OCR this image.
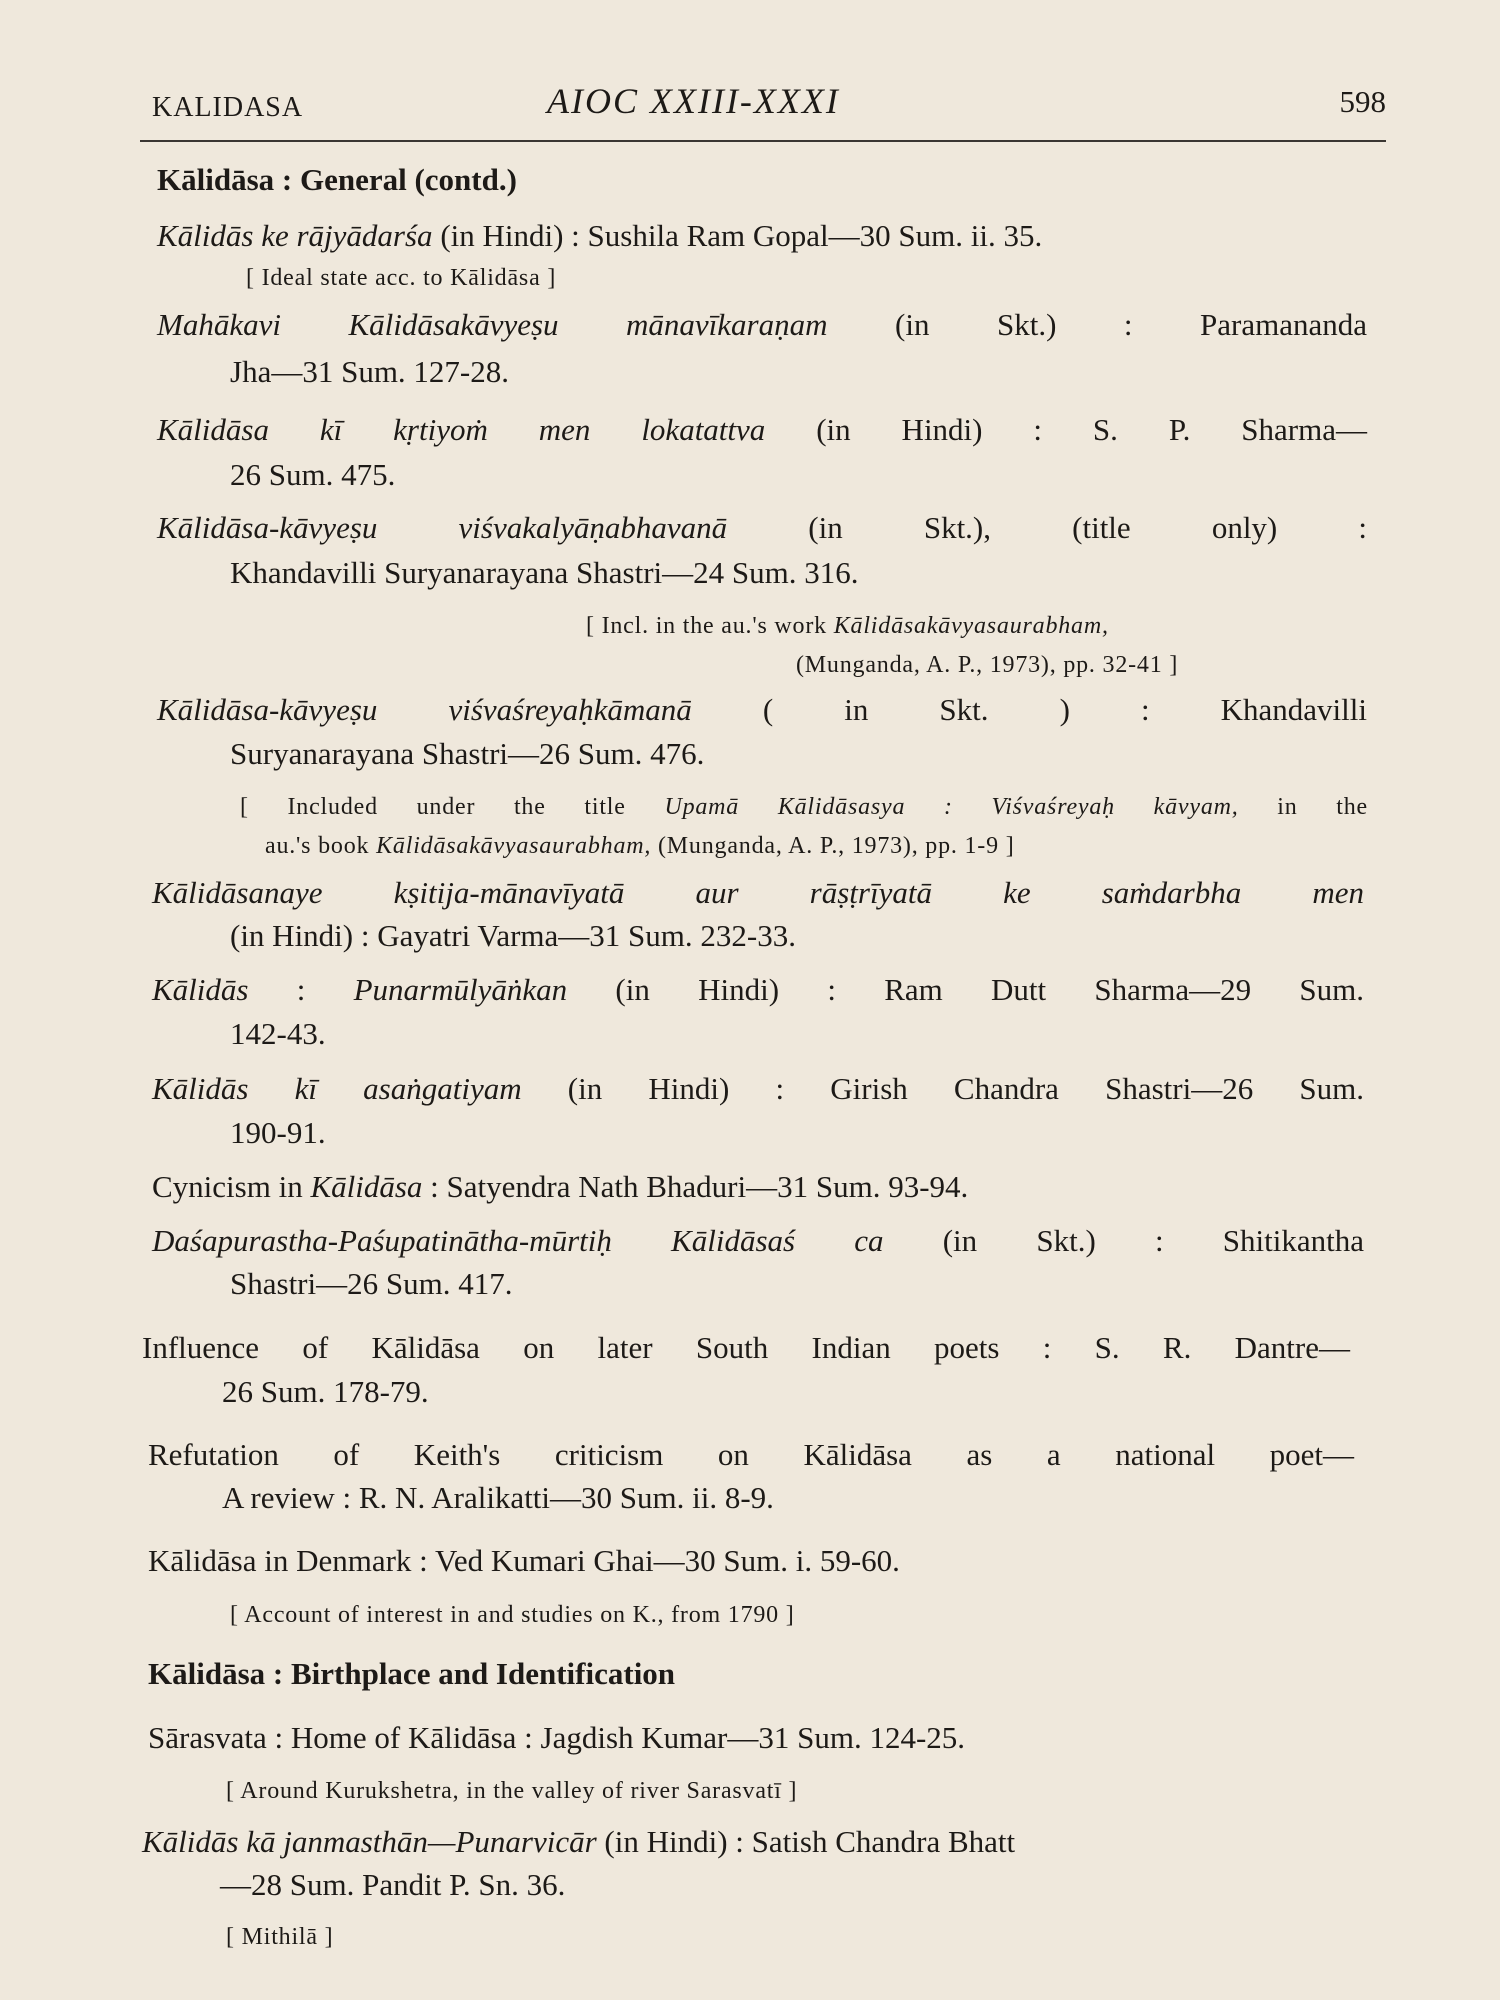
KALIDASA	AIOC XXIII-XXXI	598
Kālidāsa : General (contd.)
Kālidās ke rājyādarśa (in Hindi) : Sushila Ram Gopal—30 Sum. ii. 35.
[ Ideal state acc. to Kālidāsa ]
Mahākavi Kālidāsakāvyeṣu mānavīkaraṇam (in Skt.) : Paramananda
Jha—31 Sum. 127-28.
Kālidāsa kī kṛtiyoṁ men lokatattva (in Hindi) : S. P. Sharma—
26 Sum. 475.
Kālidāsa-kāvyeṣu viśvakalyāṇabhavanā (in Skt.), (title only) :
Khandavilli Suryanarayana Shastri—24 Sum. 316.
[ Incl. in the au.'s work Kālidāsakāvyasaurabham,
(Munganda, A. P., 1973), pp. 32-41 ]
Kālidāsa-kāvyeṣu viśvaśreyaḥkāmanā ( in Skt. ) : Khandavilli
Suryanarayana Shastri—26 Sum. 476.
[ Included under the title Upamā Kālidāsasya : Viśvaśreyaḥ kāvyam, in the
au.'s book Kālidāsakāvyasaurabham, (Munganda, A. P., 1973), pp. 1-9 ]
Kālidāsanaye kṣitija-mānavīyatā aur rāṣṭrīyatā ke saṁdarbha men
(in Hindi) : Gayatri Varma—31 Sum. 232-33.
Kālidās : Punarmūlyāṅkan (in Hindi) : Ram Dutt Sharma—29 Sum.
142-43.
Kālidās kī asaṅgatiyam (in Hindi) : Girish Chandra Shastri—26 Sum.
190-91.
Cynicism in Kālidāsa : Satyendra Nath Bhaduri—31 Sum. 93-94.
Daśapurastha-Paśupatinātha-mūrtiḥ Kālidāsaś ca (in Skt.) : Shitikantha
Shastri—26 Sum. 417.
Influence of Kālidāsa on later South Indian poets : S. R. Dantre—
26 Sum. 178-79.
Refutation of Keith's criticism on Kālidāsa as a national poet—
A review : R. N. Aralikatti—30 Sum. ii. 8-9.
Kālidāsa in Denmark : Ved Kumari Ghai—30 Sum. i. 59-60.
[ Account of interest in and studies on K., from 1790 ]
Kālidāsa : Birthplace and Identification
Sārasvata : Home of Kālidāsa : Jagdish Kumar—31 Sum. 124-25.
[ Around Kurukshetra, in the valley of river Sarasvatī ]
Kālidās kā janmasthān—Punarvicār (in Hindi) : Satish Chandra Bhatt
—28 Sum. Pandit P. Sn. 36.
[ Mithilā ]
